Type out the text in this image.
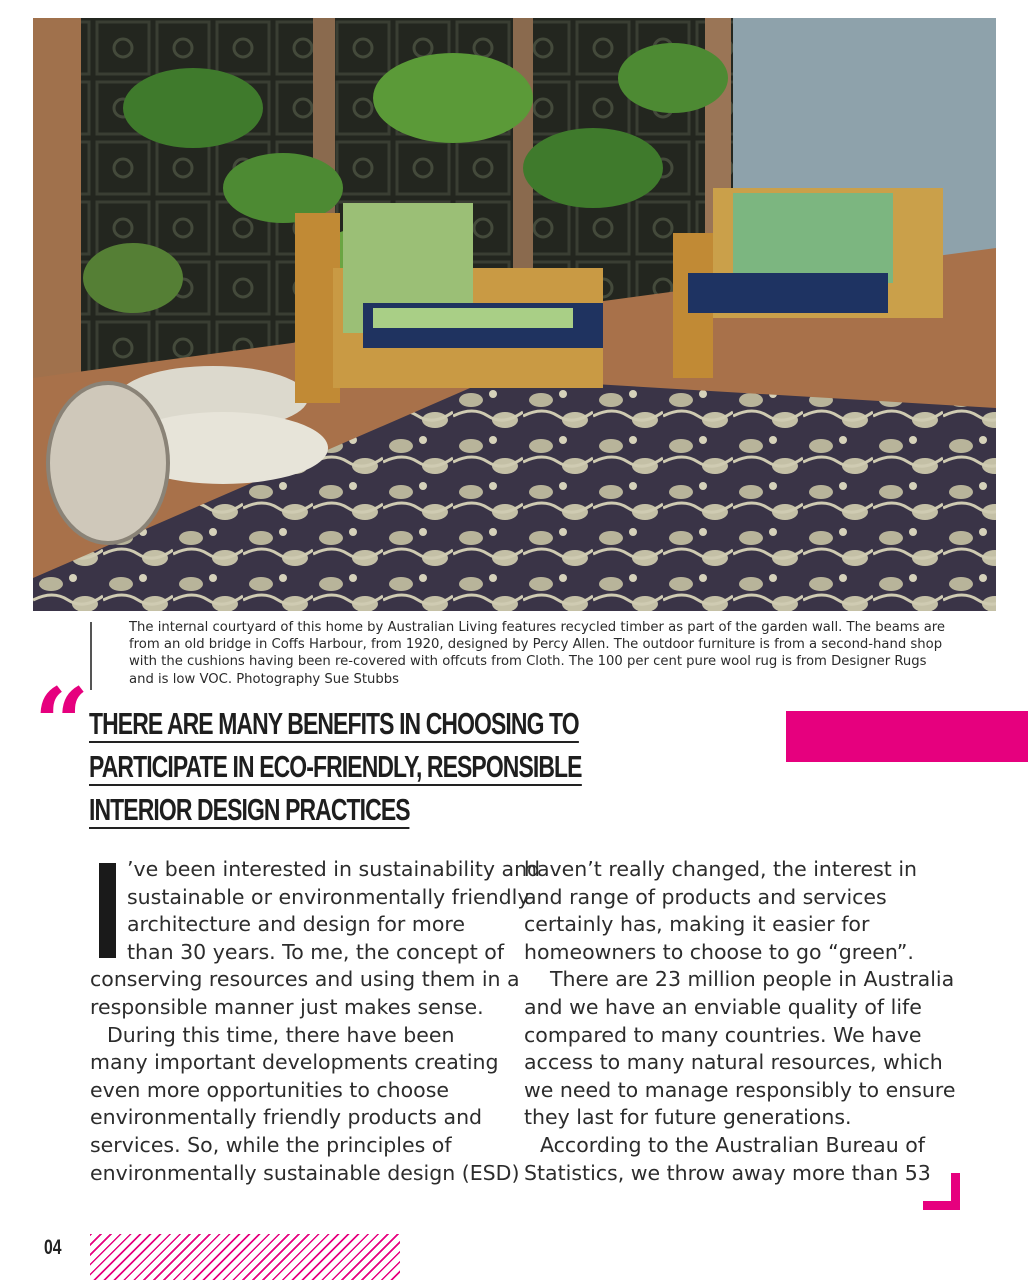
The internal courtyard of this home by Australian Living features recycled timber as part of the garden wall. The beams are from an old bridge in Coffs Harbour, from 1920, designed by Percy Allen. The outdoor furniture is from a second-hand shop with the cushions having been re-covered with offcuts from Cloth. The 100 per cent pure wool rug is from Designer Rugs and is low VOC. Photography Sue Stubbs

“ THERE ARE MANY BENEFITS IN CHOOSING TO
PARTICIPATE IN ECO-FRIENDLY, RESPONSIBLE
INTERIOR DESIGN PRACTICES
’ve been interested in sustainability and
sustainable or environmentally friendly
architecture and design for more
than 30 years. To me, the concept of
conserving resources and using them in a
responsible manner just makes sense.
During this time, there have been
many important developments creating
even more opportunities to choose
environmentally friendly products and
services. So, while the principles of
environmentally sustainable design (ESD)
haven’t really changed, the interest in
and range of products and services
certainly has, making it easier for
homeowners to choose to go “green”.
There are 23 million people in Australia
and we have an enviable quality of life
compared to many countries. We have
access to many natural resources, which
we need to manage responsibly to ensure
they last for future generations.
According to the Australian Bureau of
Statistics, we throw away more than 53
04
